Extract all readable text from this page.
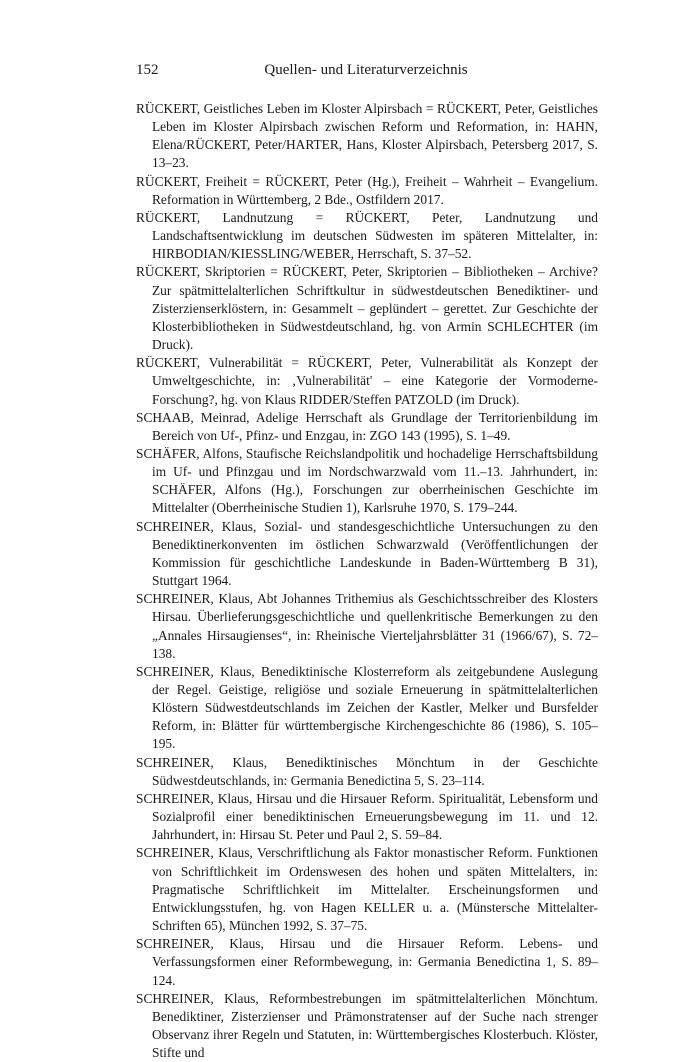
152	Quellen- und Literaturverzeichnis

RÜCKERT, Geistliches Leben im Kloster Alpirsbach = RÜCKERT, Peter, Geistliches Leben im Kloster Alpirsbach zwischen Reform und Reformation, in: HAHN, Elena/RÜCKERT, Peter/HARTER, Hans, Kloster Alpirsbach, Petersberg 2017, S. 13–23.

RÜCKERT, Freiheit = RÜCKERT, Peter (Hg.), Freiheit – Wahrheit – Evangelium. Reformation in Württemberg, 2 Bde., Ostfildern 2017.

RÜCKERT, Landnutzung = RÜCKERT, Peter, Landnutzung und Landschaftsentwicklung im deutschen Südwesten im späteren Mittelalter, in: HIRBODIAN/KIESSLING/WEBER, Herrschaft, S. 37–52.

RÜCKERT, Skriptorien = RÜCKERT, Peter, Skriptorien – Bibliotheken – Archive? Zur spätmittelalterlichen Schriftkultur in südwestdeutschen Benediktiner- und Zisterzienserklöstern, in: Gesammelt – geplündert – gerettet. Zur Geschichte der Klosterbibliotheken in Südwestdeutschland, hg. von Armin SCHLECHTER (im Druck).

RÜCKERT, Vulnerabilität = RÜCKERT, Peter, Vulnerabilität als Konzept der Umweltgeschichte, in: ‚Vulnerabilität' – eine Kategorie der Vormoderne-Forschung?, hg. von Klaus RIDDER/Steffen PATZOLD (im Druck).

SCHAAB, Meinrad, Adelige Herrschaft als Grundlage der Territorienbildung im Bereich von Uf-, Pfinz- und Enzgau, in: ZGO 143 (1995), S. 1–49.

SCHÄFER, Alfons, Staufische Reichslandpolitik und hochadelige Herrschaftsbildung im Uf- und Pfinzgau und im Nordschwarzwald vom 11.–13. Jahrhundert, in: SCHÄFER, Alfons (Hg.), Forschungen zur oberrheinischen Geschichte im Mittelalter (Oberrheinische Studien 1), Karlsruhe 1970, S. 179–244.

SCHREINER, Klaus, Sozial- und standesgeschichtliche Untersuchungen zu den Benediktinerkonventen im östlichen Schwarzwald (Veröffentlichungen der Kommission für geschichtliche Landeskunde in Baden-Württemberg B 31), Stuttgart 1964.

SCHREINER, Klaus, Abt Johannes Trithemius als Geschichtsschreiber des Klosters Hirsau. Überlieferungsgeschichtliche und quellenkritische Bemerkungen zu den „Annales Hirsaugienses“, in: Rheinische Vierteljahrsblätter 31 (1966/67), S. 72–138.

SCHREINER, Klaus, Benediktinische Klosterreform als zeitgebundene Auslegung der Regel. Geistige, religiöse und soziale Erneuerung in spätmittelalterlichen Klöstern Südwestdeutschlands im Zeichen der Kastler, Melker und Bursfelder Reform, in: Blätter für württembergische Kirchengeschichte 86 (1986), S. 105–195.

SCHREINER, Klaus, Benediktinisches Mönchtum in der Geschichte Südwestdeutschlands, in: Germania Benedictina 5, S. 23–114.

SCHREINER, Klaus, Hirsau und die Hirsauer Reform. Spiritualität, Lebensform und Sozialprofil einer benediktinischen Erneuerungsbewegung im 11. und 12. Jahrhundert, in: Hirsau St. Peter und Paul 2, S. 59–84.

SCHREINER, Klaus, Verschriftlichung als Faktor monastischer Reform. Funktionen von Schriftlichkeit im Ordenswesen des hohen und späten Mittelalters, in: Pragmatische Schriftlichkeit im Mittelalter. Erscheinungsformen und Entwicklungsstufen, hg. von Hagen KELLER u. a. (Münstersche Mittelalter-Schriften 65), München 1992, S. 37–75.

SCHREINER, Klaus, Hirsau und die Hirsauer Reform. Lebens- und Verfassungsformen einer Reformbewegung, in: Germania Benedictina 1, S. 89–124.

SCHREINER, Klaus, Reformbestrebungen im spätmittelalterlichen Mönchtum. Benediktiner, Zisterzienser und Prämonstratenser auf der Suche nach strenger Observanz ihrer Regeln und Statuten, in: Württembergisches Klosterbuch. Klöster, Stifte und
